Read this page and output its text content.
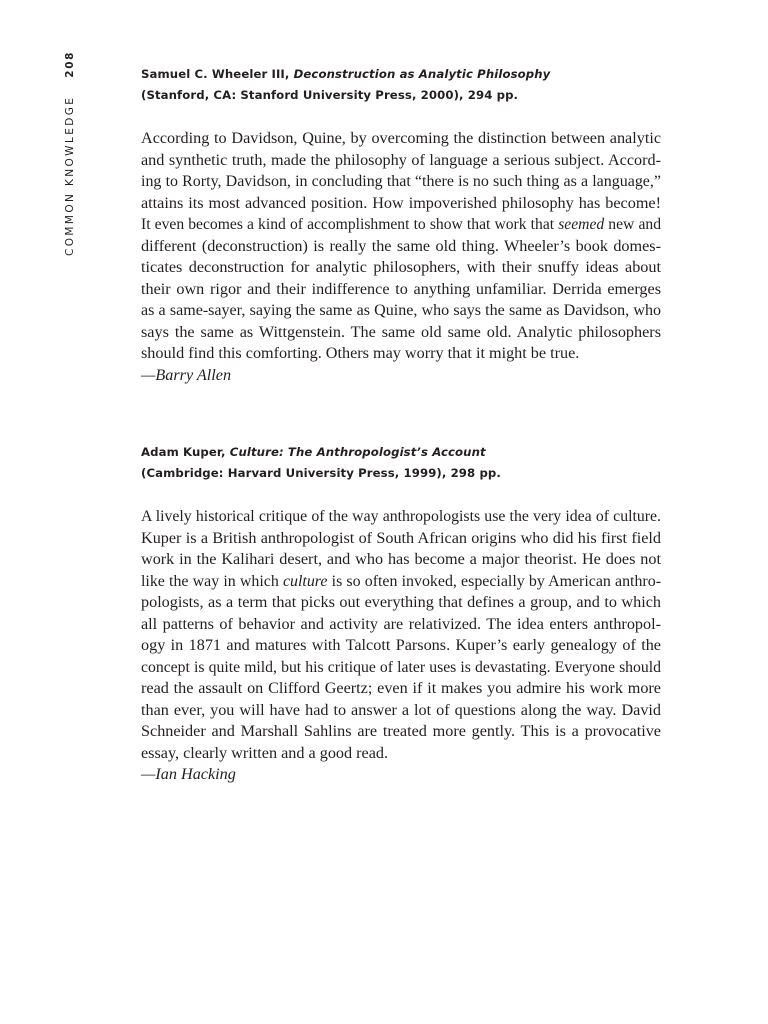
COMMON KNOWLEDGE208	Samuel C. Wheeler III, Deconstruction as Analytic Philosophy
(Stanford, CA: Stanford University Press, 2000), 294 pp.
According to Davidson, Quine, by overcoming the distinction between analytic
and synthetic truth, made the philosophy of language a serious subject. Accord-
ing to Rorty, Davidson, in concluding that “there is no such thing as a language,”
attains its most advanced position. How impoverished philosophy has become!
It even becomes a kind of accomplishment to show that work that seemed new and
different (deconstruction) is really the same old thing. Wheeler’s book domes-
ticates deconstruction for analytic philosophers, with their snuffy ideas about
their own rigor and their indifference to anything unfamiliar. Derrida emerges
as a same-sayer, saying the same as Quine, who says the same as Davidson, who
says the same as Wittgenstein. The same old same old. Analytic philosophers
should find this comforting. Others may worry that it might be true.
—Barry Allen
Adam Kuper, Culture: The Anthropologist’s Account
(Cambridge: Harvard University Press, 1999), 298 pp.
A lively historical critique of the way anthropologists use the very idea of culture.
Kuper is a British anthropologist of South African origins who did his first field
work in the Kalihari desert, and who has become a major theorist. He does not
like the way in which culture is so often invoked, especially by American anthro-
pologists, as a term that picks out everything that defines a group, and to which
all patterns of behavior and activity are relativized. The idea enters anthropol-
ogy in 1871 and matures with Talcott Parsons. Kuper’s early genealogy of the
concept is quite mild, but his critique of later uses is devastating. Everyone should
read the assault on Clifford Geertz; even if it makes you admire his work more
than ever, you will have had to answer a lot of questions along the way. David
Schneider and Marshall Sahlins are treated more gently. This is a provocative
essay, clearly written and a good read.
—Ian Hacking
